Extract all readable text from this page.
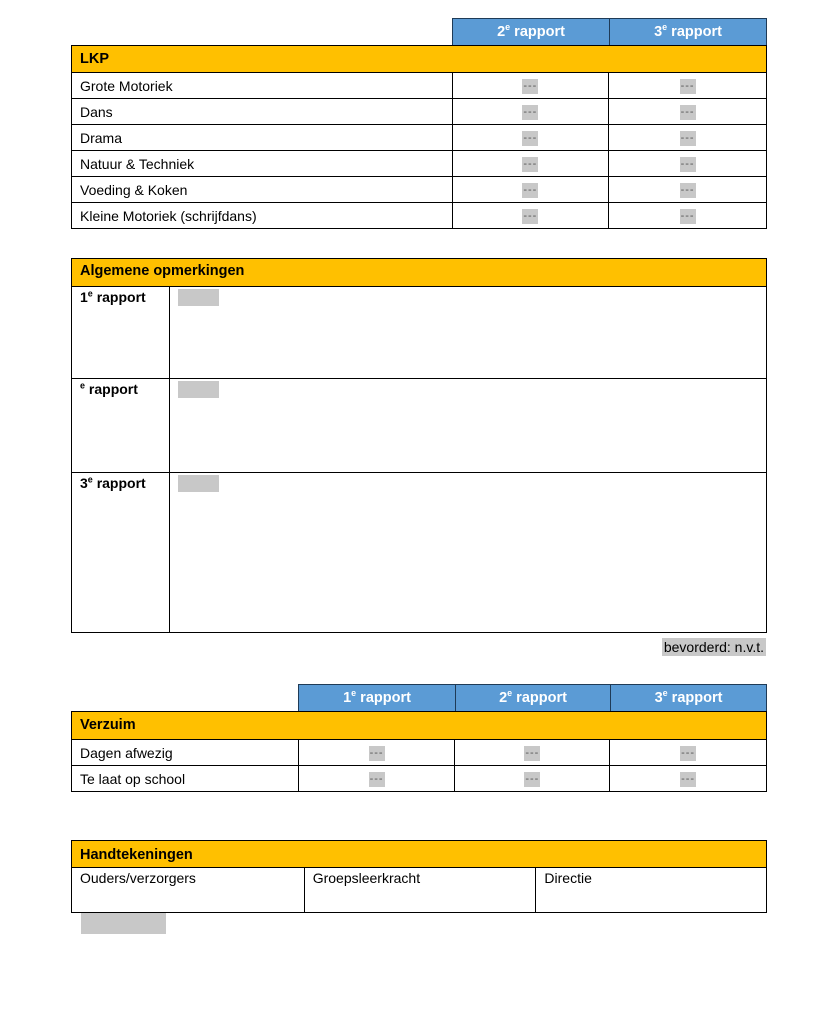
2e rapport	3e rapport
LKP
Grote Motoriek	---	---
Dans	---	---
Drama	---	---
Natuur & Techniek	---	---
Voeding & Koken	---	---
Kleine Motoriek (schrijfdans)	---	---
Algemene opmerkingen
1e rapport	
$^e$ rapport	
3e rapport	
bevorderd: n.v.t.
1e rapport	2e rapport	3e rapport
Verzuim
Dagen afwezig	---	---	---
Te laat op school	---	---	---
Handtekeningen
Ouders/verzorgers	Groepsleerkracht	Directie
